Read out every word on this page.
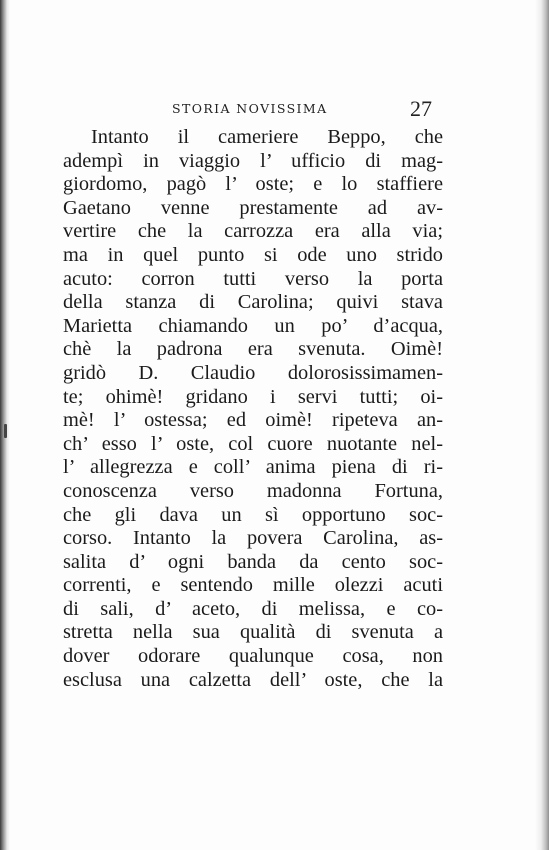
STORIA NOVISSIMA	27
Intanto il cameriere Beppo, che
adempì in viaggio l’ ufficio di mag-
giordomo, pagò l’ oste; e lo staffiere
Gaetano venne prestamente ad av-
vertire che la carrozza era alla via;
ma in quel punto si ode uno strido
acuto: corron tutti verso la porta
della stanza di Carolina; quivi stava
Marietta chiamando un po’ d’acqua,
chè la padrona era svenuta. Oimè!
gridò D. Claudio dolorosissimamen-
te; ohimè! gridano i servi tutti; oi-
mè! l’ ostessa; ed oimè! ripeteva an-
ch’ esso l’ oste, col cuore nuotante nel-
l’ allegrezza e coll’ anima piena di ri-
conoscenza verso madonna Fortuna,
che gli dava un sì opportuno soc-
corso. Intanto la povera Carolina, as-
salita d’ ogni banda da cento soc-
correnti, e sentendo mille olezzi acuti
di sali, d’ aceto, di melissa, e co-
stretta nella sua qualità di svenuta a
dover odorare qualunque cosa, non
esclusa una calzetta dell’ oste, che la
